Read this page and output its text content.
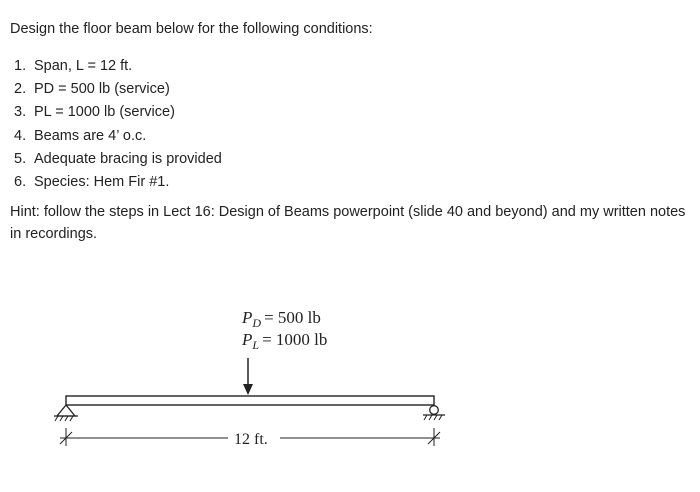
Design the floor beam below for the following conditions:
1. Span, L = 12 ft.
2. PD = 500 lb (service)
3. PL = 1000 lb (service)
4. Beams are 4’ o.c.
5. Adequate bracing is provided
6. Species: Hem Fir #1.
Hint: follow the steps in Lect 16: Design of Beams powerpoint (slide 40 and beyond) and my written notes in recordings.
$P_D = 500$ lb
$P_L = 1000$ lb
12 ft.
